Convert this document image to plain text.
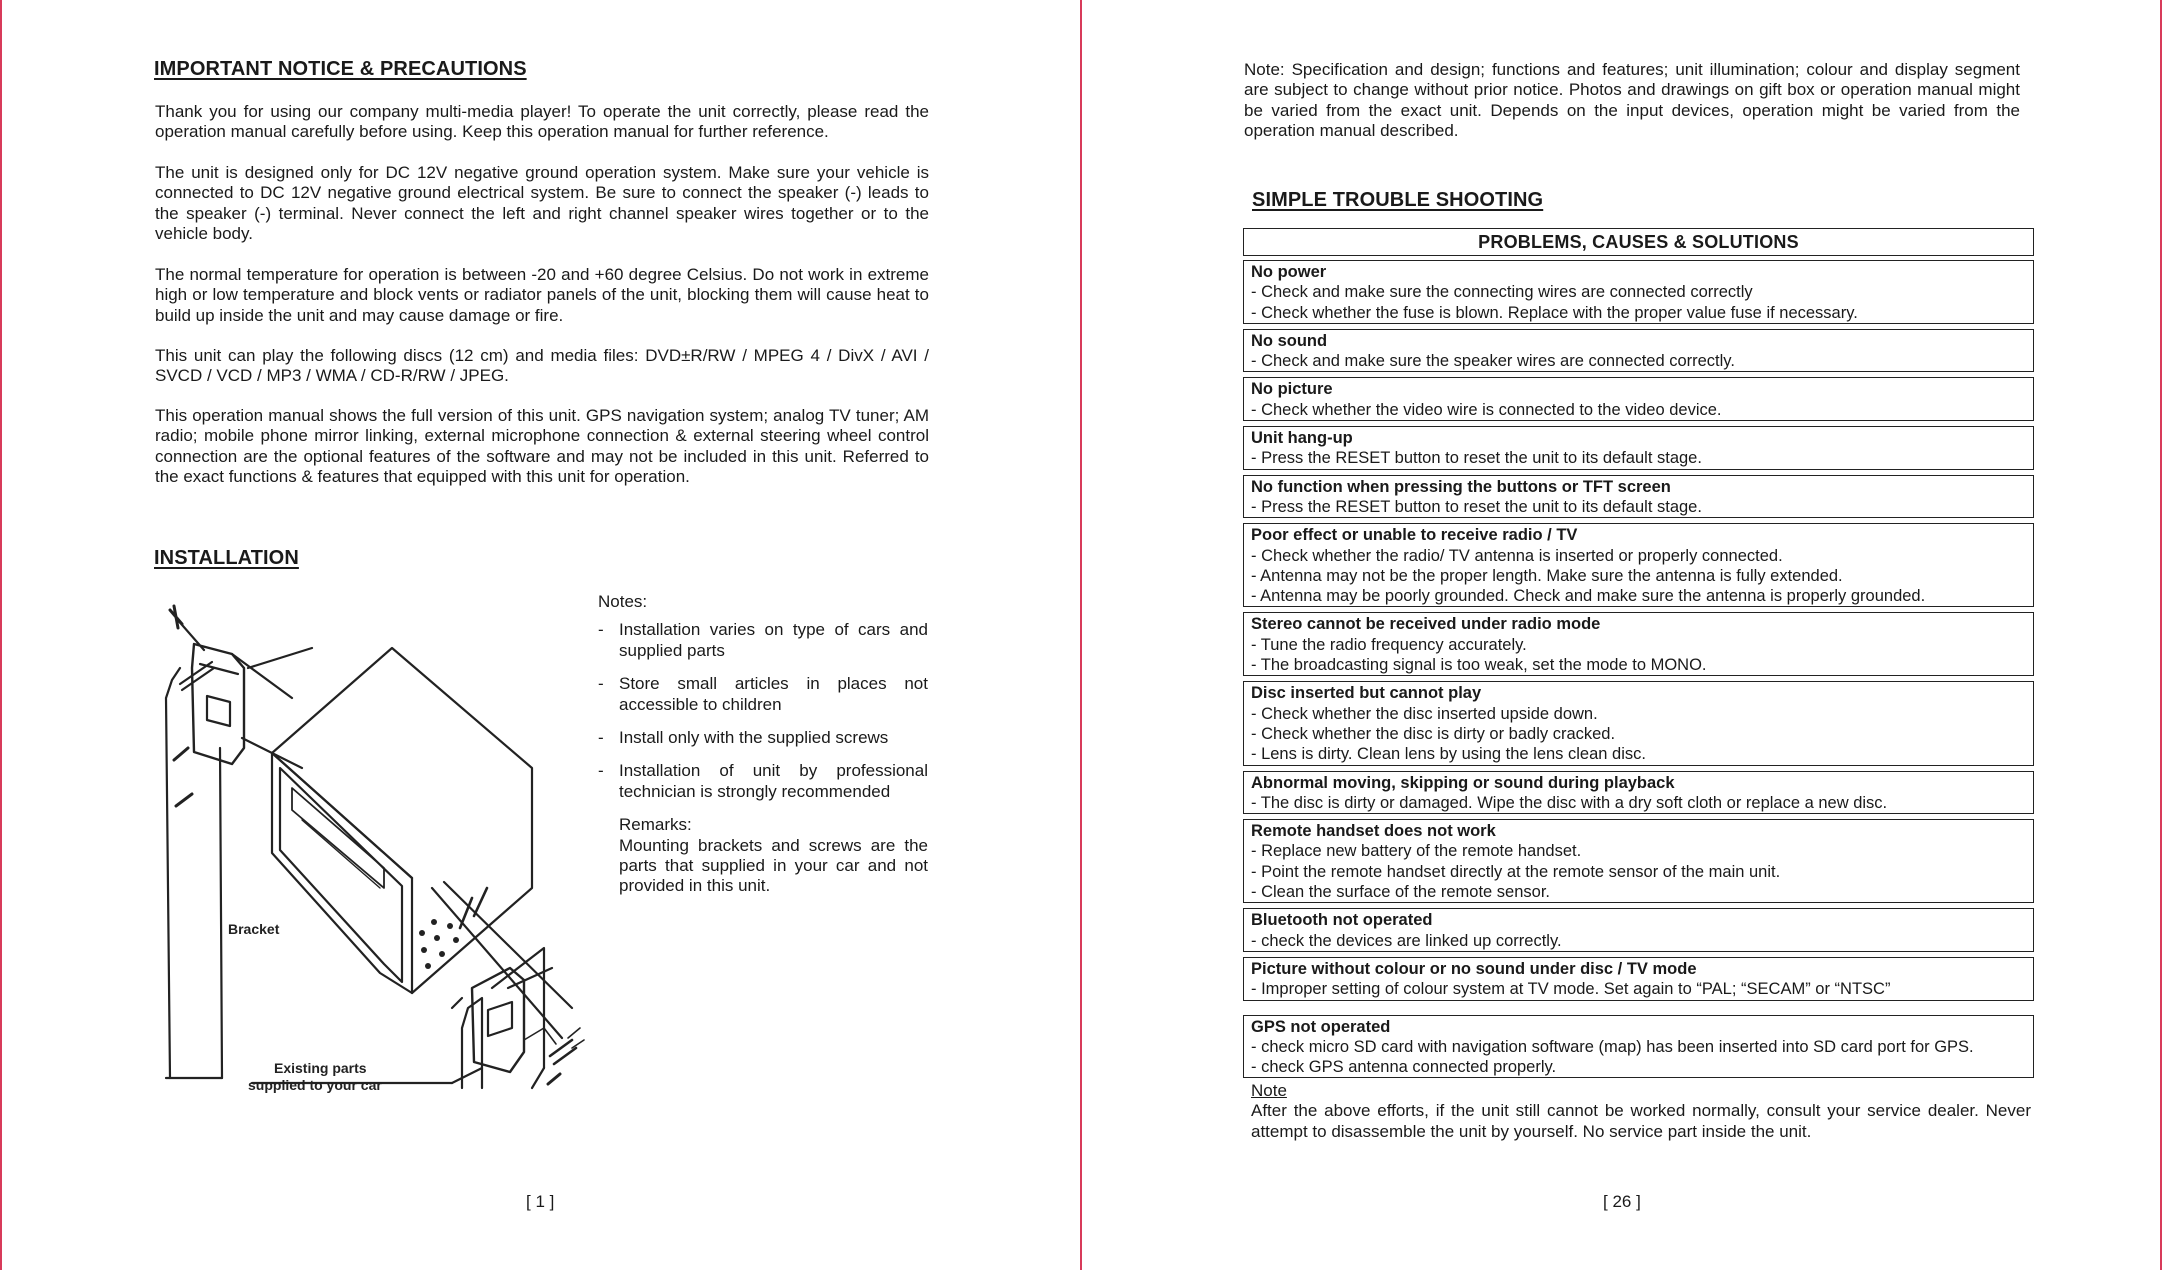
IMPORTANT NOTICE & PRECAUTIONS
Thank you for using our company multi-media player! To operate the unit correctly, please read the operation manual carefully before using. Keep this operation manual for further reference.
The unit is designed only for DC 12V negative ground operation system. Make sure your vehicle is connected to DC 12V negative ground electrical system. Be sure to connect the speaker (-) leads to the speaker (-) terminal. Never connect the left and right channel speaker wires together or to the vehicle body.
The normal temperature for operation is between -20 and +60 degree Celsius. Do not work in extreme high or low temperature and block vents or radiator panels of the unit, blocking them will cause heat to build up inside the unit and may cause damage or fire.
This unit can play the following discs (12 cm) and media files: DVD±R/RW / MPEG 4 / DivX / AVI / SVCD / VCD / MP3 / WMA / CD-R/RW / JPEG.
This operation manual shows the full version of this unit. GPS navigation system; analog TV tuner; AM radio; mobile phone mirror linking, external microphone connection & external steering wheel control connection are the optional features of the software and may not be included in this unit. Referred to the exact functions & features that equipped with this unit for operation.
INSTALLATION
Bracket
Existing parts
supplied to your car
Notes:
- Installation varies on type of cars and supplied parts
- Store small articles in places not accessible to children
- Install only with the supplied screws
- Installation of unit by professional technician is strongly recommended
Remarks:
Mounting brackets and screws are the parts that supplied in your car and not provided in this unit.
[ 1 ]
Note: Specification and design; functions and features; unit illumination; colour and display segment are subject to change without prior notice. Photos and drawings on gift box or operation manual might be varied from the exact unit. Depends on the input devices, operation might be varied from the operation manual described.
SIMPLE TROUBLE SHOOTING
PROBLEMS, CAUSES & SOLUTIONS
No power
- Check and make sure the connecting wires are connected correctly
- Check whether the fuse is blown. Replace with the proper value fuse if necessary.
No sound
- Check and make sure the speaker wires are connected correctly.
No picture
- Check whether the video wire is connected to the video device.
Unit hang-up
- Press the RESET button to reset the unit to its default stage.
No function when pressing the buttons or TFT screen
- Press the RESET button to reset the unit to its default stage.
Poor effect or unable to receive radio / TV
- Check whether the radio/ TV antenna is inserted or properly connected.
- Antenna may not be the proper length. Make sure the antenna is fully extended.
- Antenna may be poorly grounded. Check and make sure the antenna is properly grounded.
Stereo cannot be received under radio mode
- Tune the radio frequency accurately.
- The broadcasting signal is too weak, set the mode to MONO.
Disc inserted but cannot play
- Check whether the disc inserted upside down.
- Check whether the disc is dirty or badly cracked.
- Lens is dirty. Clean lens by using the lens clean disc.
Abnormal moving, skipping or sound during playback
- The disc is dirty or damaged. Wipe the disc with a dry soft cloth or replace a new disc.
Remote handset does not work
- Replace new battery of the remote handset.
- Point the remote handset directly at the remote sensor of the main unit.
- Clean the surface of the remote sensor.
Bluetooth not operated
- check the devices are linked up correctly.
Picture without colour or no sound under disc / TV mode
- Improper setting of colour system at TV mode. Set again to “PAL; “SECAM” or “NTSC”
GPS not operated
- check micro SD card with navigation software (map) has been inserted into SD card port for GPS.
- check GPS antenna connected properly.
Note
After the above efforts, if the unit still cannot be worked normally, consult your service dealer. Never attempt to disassemble the unit by yourself. No service part inside the unit.
[ 26 ]
